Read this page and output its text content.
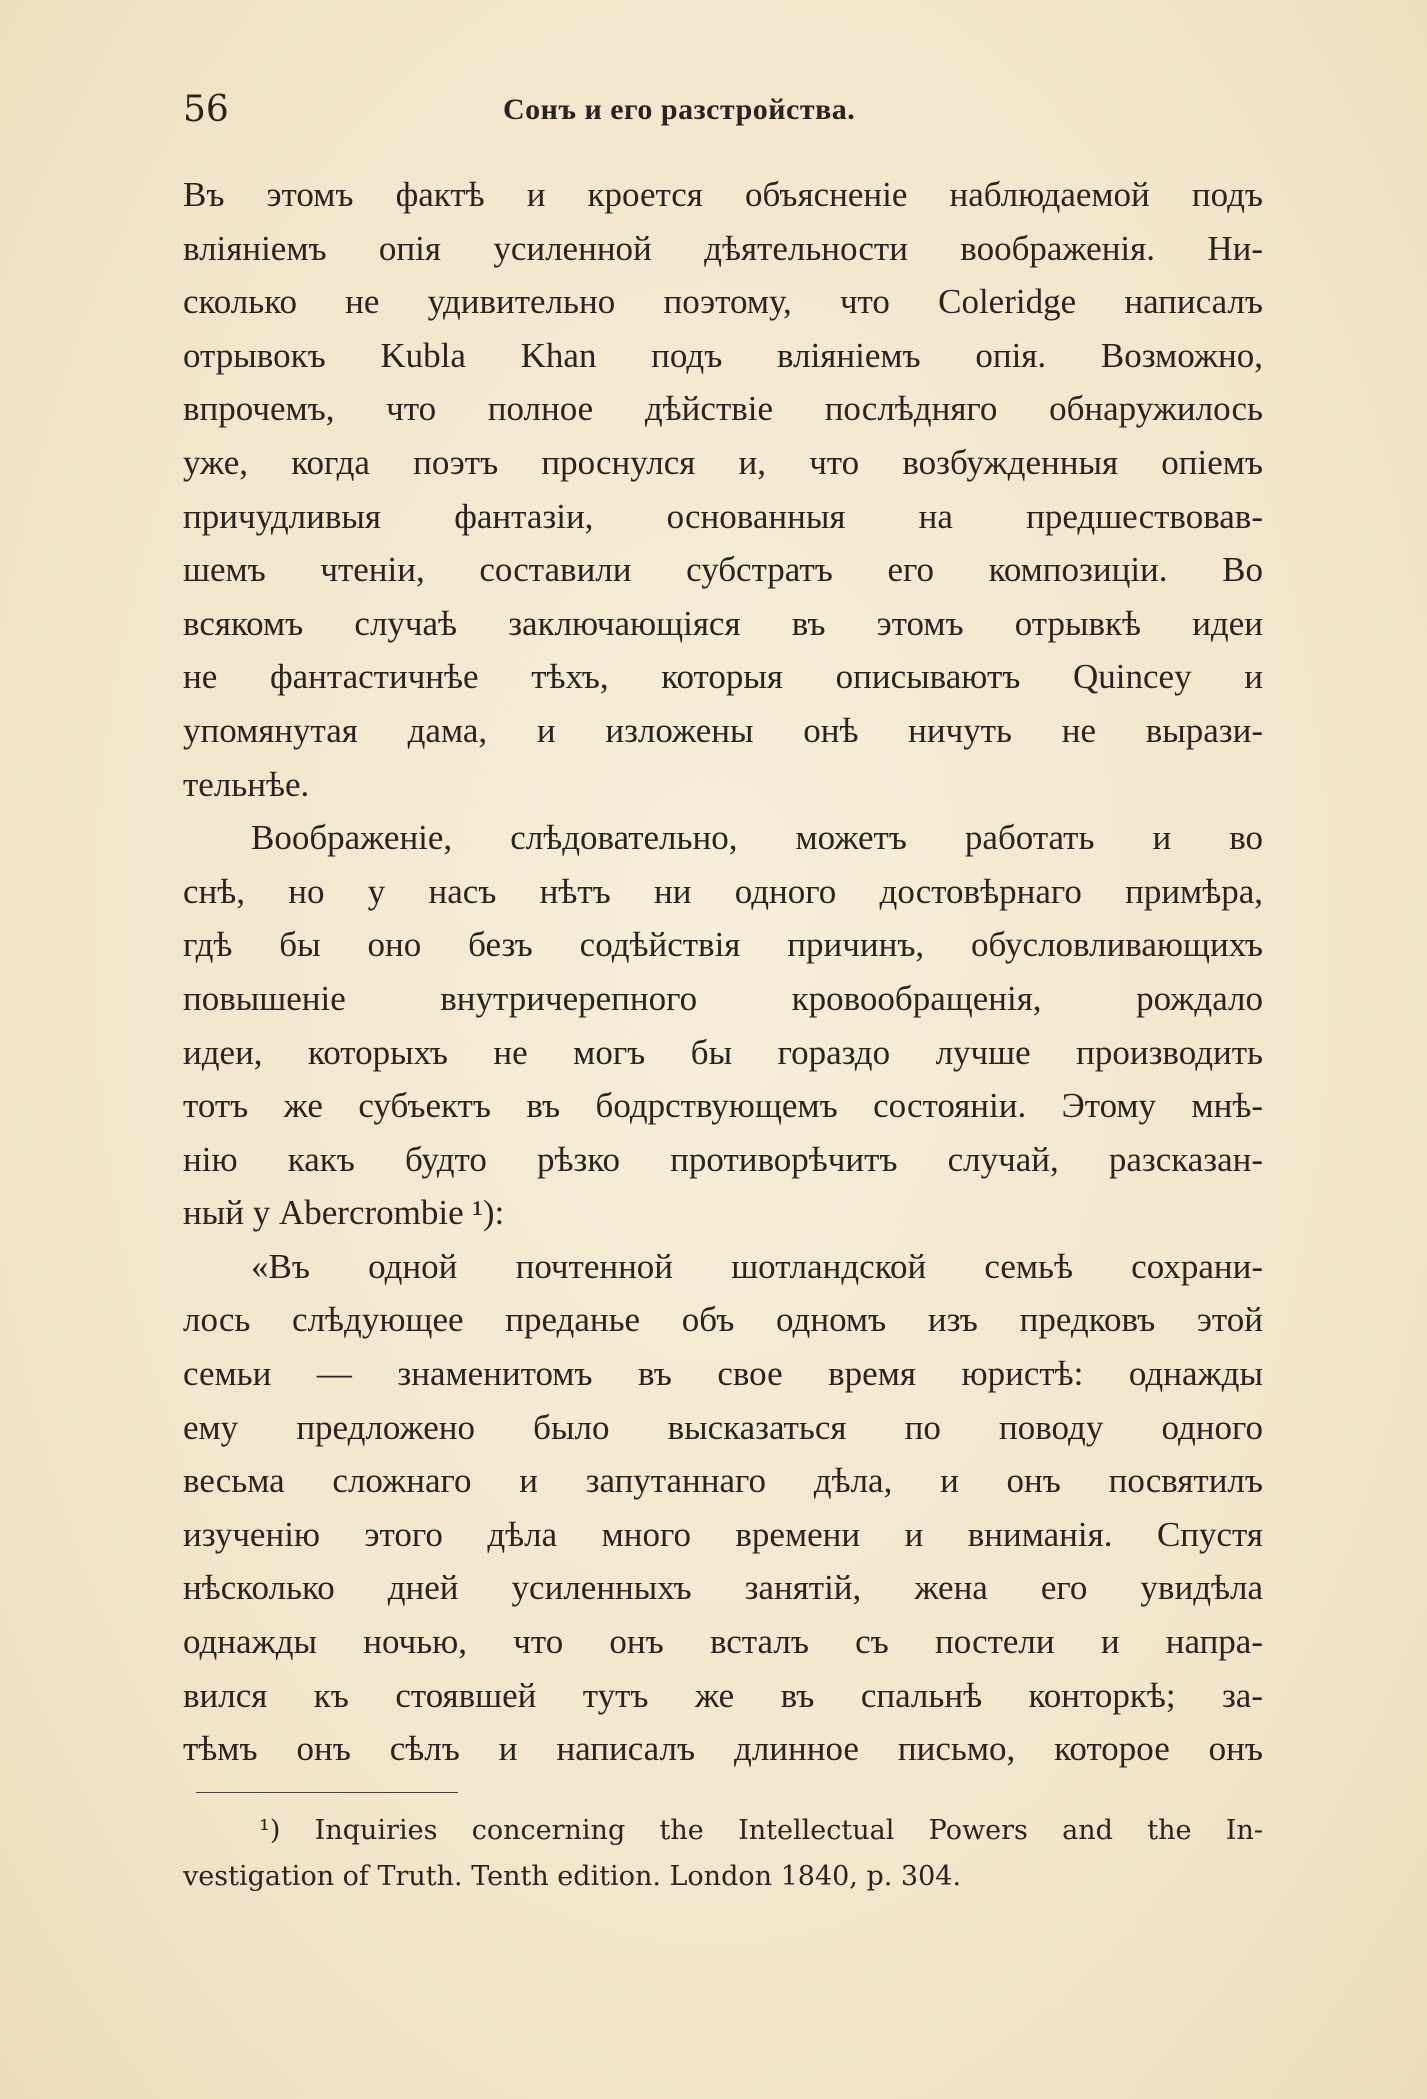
56	Сонъ и его разстройства.
Въ этомъ фактѣ и кроется объясненіе наблюдаемой подъ
вліяніемъ опія усиленной дѣятельности воображенія. Ни-
сколько не удивительно поэтому, что Coleridge написалъ
отрывокъ Kubla Khan подъ вліяніемъ опія. Возможно,
впрочемъ, что полное дѣйствіе послѣдняго обнаружилось
уже, когда поэтъ проснулся и, что возбужденныя опіемъ
причудливыя фантазіи, основанныя на предшествовав-
шемъ чтеніи, составили субстратъ его композиціи. Во
всякомъ случаѣ заключающіяся въ этомъ отрывкѣ идеи
не фантастичнѣе тѣхъ, которыя описываютъ Quincey и
упомянутая дама, и изложены онѣ ничуть не вырази-
тельнѣе.
Воображеніе, слѣдовательно, можетъ работать и во
снѣ, но у насъ нѣтъ ни одного достовѣрнаго примѣра,
гдѣ бы оно безъ содѣйствія причинъ, обусловливающихъ
повышеніе внутричерепного кровообращенія, рождало
идеи, которыхъ не могъ бы гораздо лучше производить
тотъ же субъектъ въ бодрствующемъ состояніи. Этому мнѣ-
нію какъ будто рѣзко противорѣчитъ случай, разсказан-
ный у Abercrombie ¹):
«Въ одной почтенной шотландской семьѣ сохрани-
лось слѣдующее преданье объ одномъ изъ предковъ этой
семьи — знаменитомъ въ свое время юристѣ: однажды
ему предложено было высказаться по поводу одного
весьма сложнаго и запутаннаго дѣла, и онъ посвятилъ
изученію этого дѣла много времени и вниманія. Спустя
нѣсколько дней усиленныхъ занятій, жена его увидѣла
однажды ночью, что онъ всталъ съ постели и напра-
вился къ стоявшей тутъ же въ спальнѣ конторкѣ; за-
тѣмъ онъ сѣлъ и написалъ длинное письмо, которое онъ
¹) Inquiries concerning the Intellectual Powers and the In-
vestigation of Truth. Tenth edition. London 1840, p. 304.
